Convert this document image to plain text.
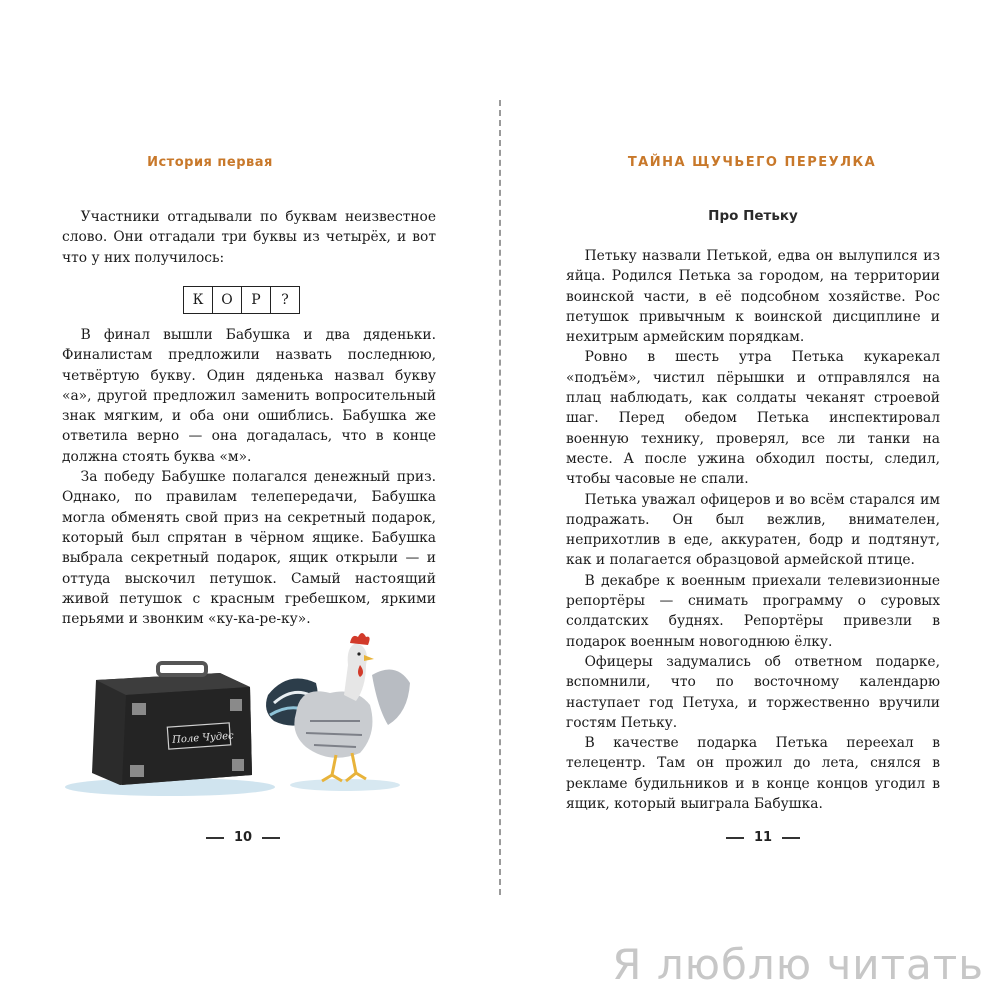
История первая

Участники отгадывали по буквам неизвестное слово. Они отгадали три буквы из четырёх, и вот что у них получилось:

К	О	Р	?

В финал вышли Бабушка и два дяденьки. Финалистам предложили назвать последнюю, четвёртую букву. Один дяденька назвал букву «а», другой предложил заменить вопросительный знак мягким, и оба они ошиблись. Бабушка же ответила верно — она догадалась, что в конце должна стоять буква «м».

За победу Бабушке полагался денежный приз. Однако, по правилам телепередачи, Бабушка могла обменять свой приз на секретный подарок, который был спрятан в чёрном ящике. Бабушка выбрала секретный подарок, ящик открыли — и оттуда выскочил петушок. Самый настоящий живой петушок с красным гребешком, яркими перьями и звонким «ку-ка-ре-ку».

Поле Чудес
10
ТАЙНА ЩУЧЬЕГО ПЕРЕУЛКА
Про Петьку

Петьку назвали Петькой, едва он вылупился из яйца. Родился Петька за городом, на территории воинской части, в её подсобном хозяйстве. Рос петушок привычным к воинской дисциплине и нехитрым армейским порядкам.

Ровно в шесть утра Петька кукарекал «подъём», чистил пёрышки и отправлялся на плац наблюдать, как солдаты чеканят строевой шаг. Перед обедом Петька инспектировал военную технику, проверял, все ли танки на месте. А после ужина обходил посты, следил, чтобы часовые не спали.

Петька уважал офицеров и во всём старался им подражать. Он был вежлив, внимателен, неприхотлив в еде, аккуратен, бодр и подтянут, как и полагается образцовой армейской птице.

В декабре к военным приехали телевизионные репортёры — снимать программу о суровых солдатских буднях. Репортёры привезли в подарок военным новогоднюю ёлку.

Офицеры задумались об ответном подарке, вспомнили, что по восточному календарю наступает год Петуха, и торжественно вручили гостям Петьку.

В качестве подарка Петька переехал в телецентр. Там он прожил до лета, снялся в рекламе будильников и в конце концов угодил в ящик, который выиграла Бабушка.

11
Я люблю читать
